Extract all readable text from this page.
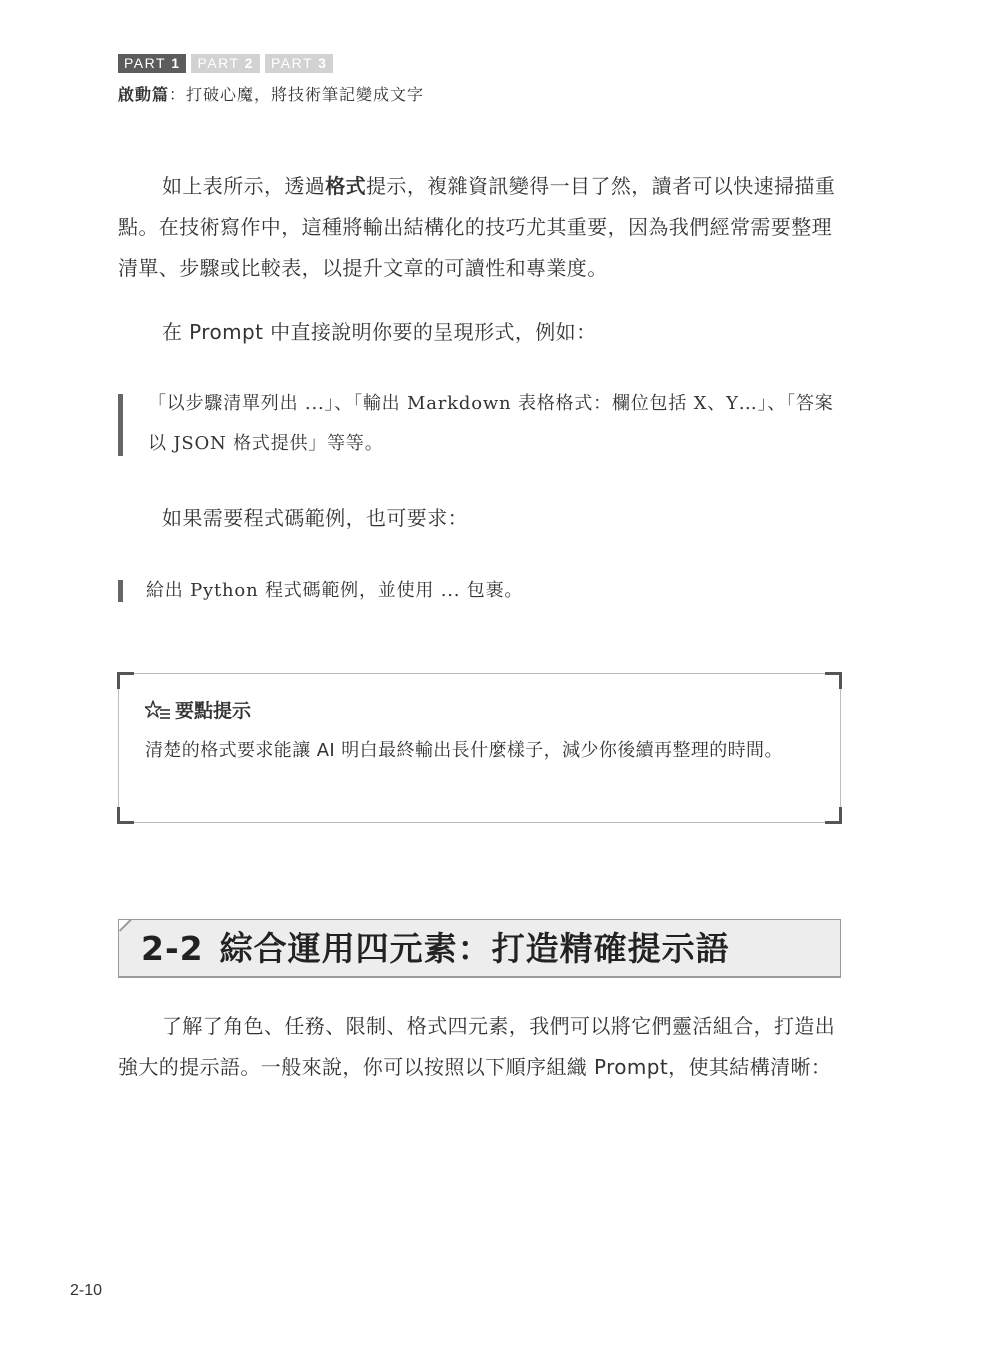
PART 1	PART 2	PART 3
啟動篇：打破心魔，將技術筆記變成文字
如上表所示，透過格式提示，複雜資訊變得一目了然，讀者可以快速掃描重點。在技術寫作中，這種將輸出結構化的技巧尤其重要，因為我們經常需要整理清單、步驟或比較表，以提升文章的可讀性和專業度。
在 Prompt 中直接說明你要的呈現形式，例如：
「以步驟清單列出 ...」、「輸出 Markdown 表格格式：欄位包括 X、Y…」、「答案以 JSON 格式提供」等等。
如果需要程式碼範例，也可要求：
給出 Python 程式碼範例，並使用 ... 包裹。
要點提示
清楚的格式要求能讓 AI 明白最終輸出長什麼樣子，減少你後續再整理的時間。
2-2 綜合運用四元素：打造精確提示語
了解了角色、任務、限制、格式四元素，我們可以將它們靈活組合，打造出強大的提示語。一般來說，你可以按照以下順序組織 Prompt，使其結構清晰：
2-10
